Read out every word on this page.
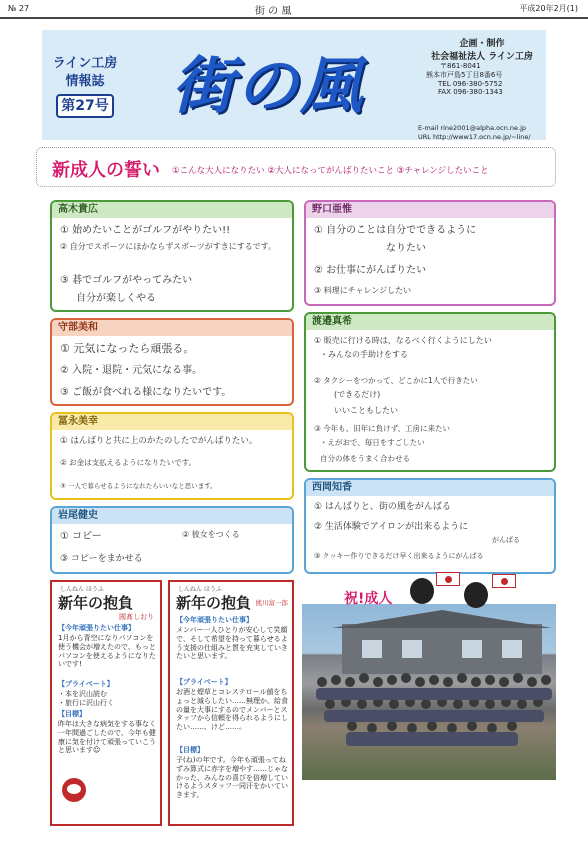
№ 27	街 の 風	平成20年2月(1)
ライン工房
情報誌
第27号 街の風
企画・制作
社会福祉法人 ライン工房
〒861-8041
熊本市戸島5丁目8番6号
TEL 096-380-5752
FAX 096-380-1343
E-mail rine2001@alpha.ocn.ne.jp
URL http://www17.ocn.ne.jp/~line/
新成人の誓い ①こんな大人になりたい ②大人になってがんばりたいこと ③チャレンジしたいこと
高木貴広
① 始めたいことがゴルフがやりたい!!
② 自分でスポーツにほかならずスポーツがすきにするです。
③ 碁でゴルフがやってみたい
自分が楽しくやる
守部美和
① 元気になったら頑張る。
② 入院・退院・元気になる事。
③ ご飯が食べれる様になりたいです。
冨永美幸
① はんばりと共に上のかたのしたでがんばりたい。
② お金は支払えるようになりたいです。
③ 一人で暮らせるようになれたらいいなと思います。
岩尾健史
① コピー	② 彼女をつくる
③ コピーをまかせる
野口亜惟
① 自分のことは自分でできるように
なりたい
② お仕事にがんばりたい
③ 料理にチャレンジしたい
渡邉真希
① 販売に行ける時は、なるべく行くようにしたい
・みんなの手助けをする
② タクシーをつかって、どこかに1人で行きたい
(できるだけ)
いいこともしたい
③ 今年も、旧年に負けず、工房に来たい
・えがおで、毎日をすごしたい
自分の体をうまく合わせる
西岡知香
① はんばりと、街の風をがんばる
② 生活体験でアイロンが出来るように
がんばる
③ クッキー作りできるだけ早く出来るようにがんばる
しんねん ほうふ
新年の抱負
國髙しおり
【今年頑張りたい仕事】
1月から青空になりパソコンを使う機会が増えたので、もっとパソコンを使えるようになりたいです!
【プライベート】
・本を沢山読む
・旅行に沢山行く
【目標】
昨年は大きな病気をする事なく一年間過ごしたので、今年も健康に気を付けて頑張っていこうと思います☺
しんねん ほうふ
新年の抱負 熊川富一郎
【今年頑張りたい仕事】
メンバー一人ひとりが安心して笑顔で、そして希望を持って暮らせるよう支援の仕組みと質を充実していきたいと思います。
【プライベート】
お酒と煙草とコレステロール値をちょっと減らしたい……無理か。給食の量を大事にするのでメンバーとスタッフから信頼を得られるようにしたい……、けど……。
【目標】
子(ね)の年です。今年も頑張ってねずみ算式に赤字を増やす……じゃなかった、みんなの喜びを倍増していけるようスタッフ一同汗をかいていきます。
祝!成人
